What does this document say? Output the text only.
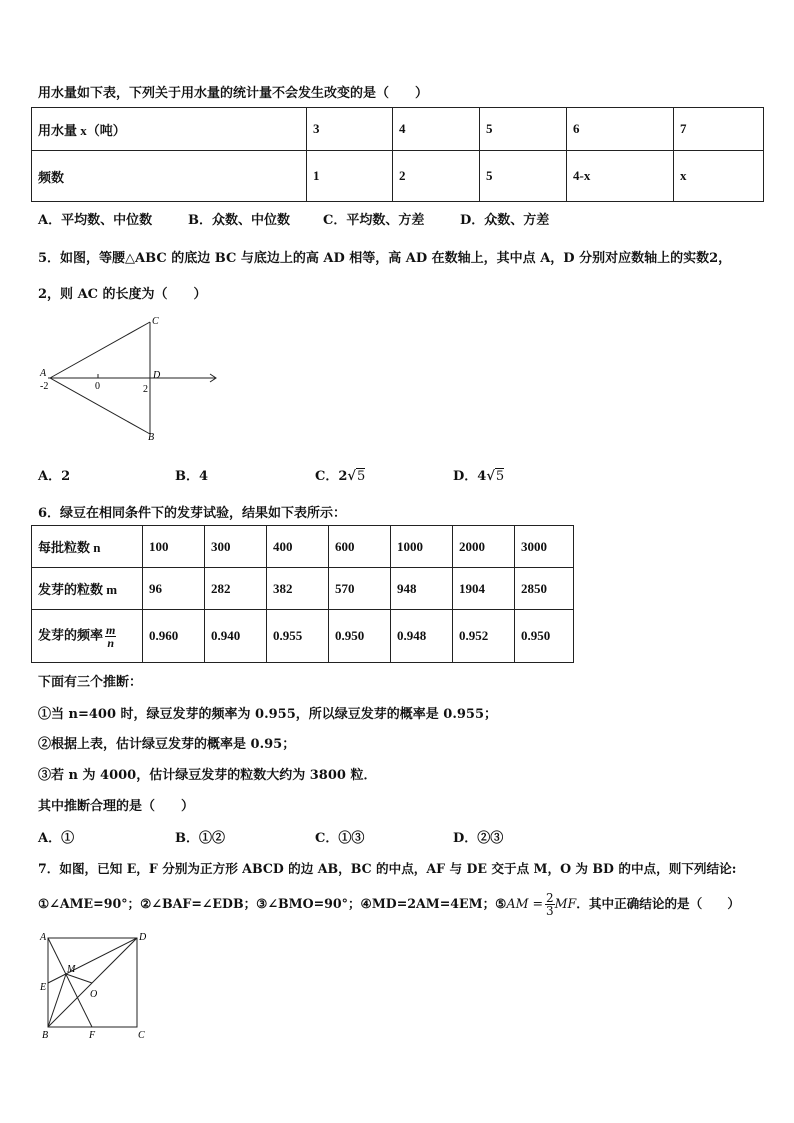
用水量如下表，下列关于用水量的统计量不会发生改变的是（　　）
用水量 x（吨）	3	4	5	6	7
频数	1	2	5	4-x	x
A．平均数、中位数	B．众数、中位数	C．平均数、方差	D．众数、方差
5．如图，等腰△ABC 的底边 BC 与底边上的高 AD 相等，高 AD 在数轴上，其中点 A，D 分别对应数轴上的实数2，
2，则 AC 的长度为（　　）
A
-2	0	2
C
D
B
A．2	B．4	C．2√5	D．4√5
6．绿豆在相同条件下的发芽试验，结果如下表所示：
每批粒数 n	100	300	400	600	1000	2000	3000
发芽的粒数 m	96	282	382	570	948	1904	2850
发芽的频率 $\frac{m}{n}$	0.960	0.940	0.955	0.950	0.948	0.952	0.950
下面有三个推断：
①当 n=400 时，绿豆发芽的频率为 0.955，所以绿豆发芽的概率是 0.955；
②根据上表，估计绿豆发芽的概率是 0.95；
③若 n 为 4000，估计绿豆发芽的粒数大约为 3800 粒．
其中推断合理的是（　　）
A．①	B．①②	C．①③	D．②③
7．如图，已知 E，F 分别为正方形 ABCD 的边 AB，BC 的中点，AF 与 DE 交于点 M，O 为 BD 的中点，则下列结论:
①∠AME=90°；②∠BAF=∠EDB；③∠BMO=90°；④MD=2AM=4EM；⑤AM = $\frac{2}{3}$ MF．其中正确结论的是（　　）
A	D
E
M
O
B	F	C
